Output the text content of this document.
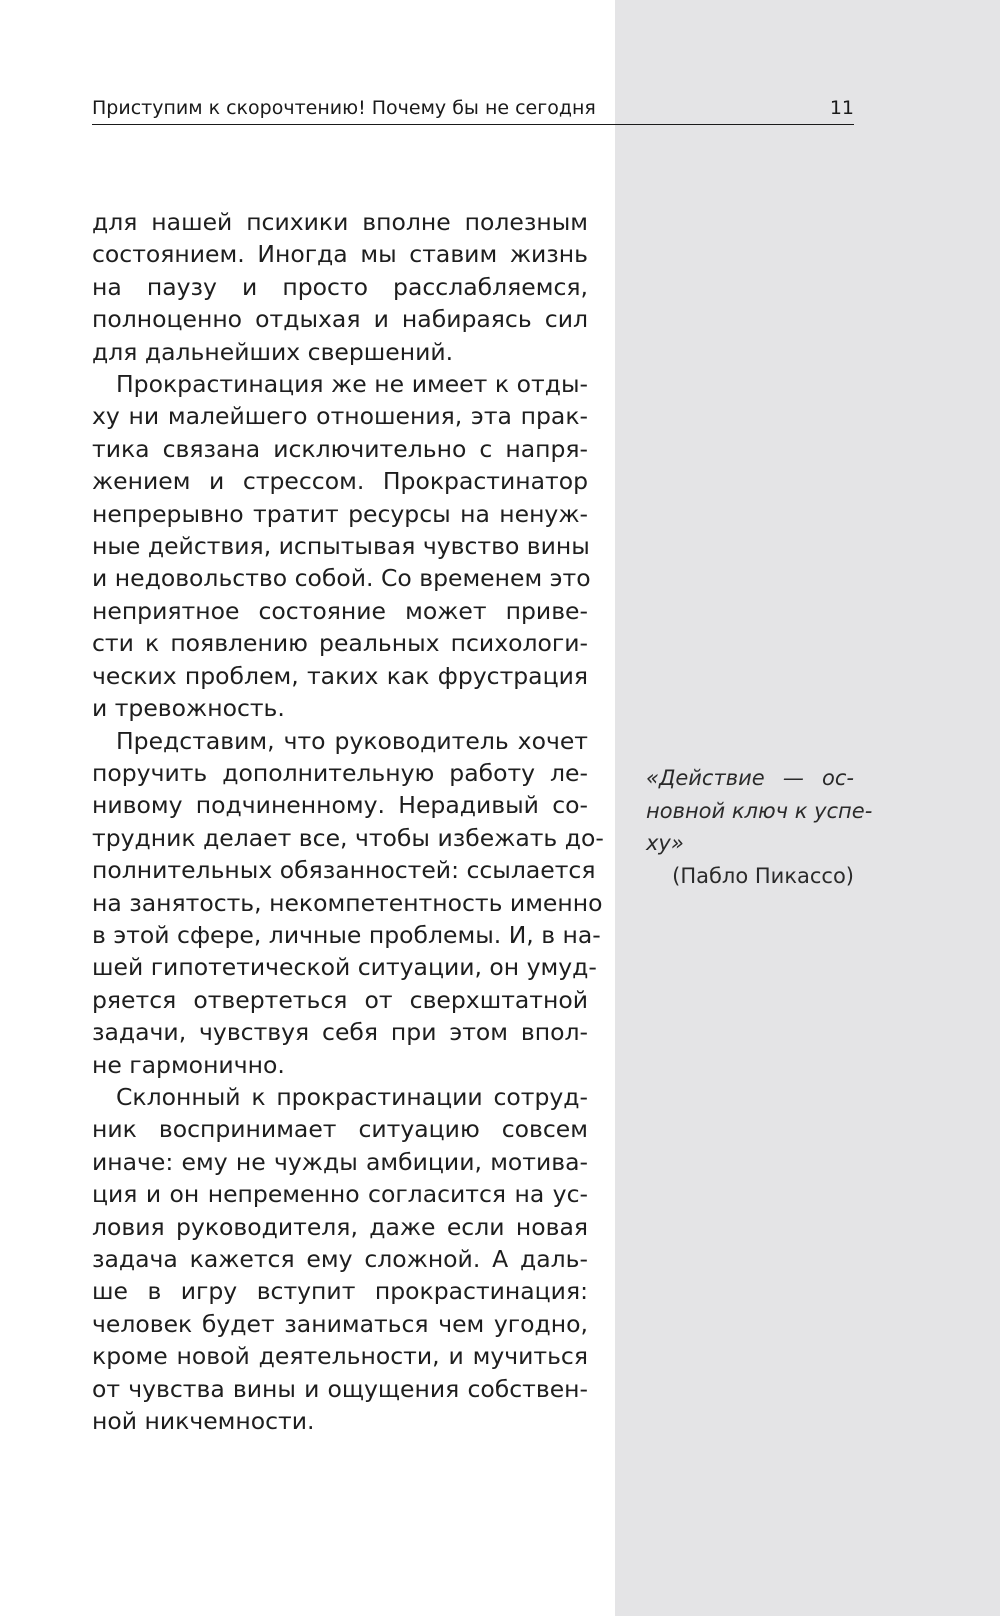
Приступим к скорочтению! Почему бы не сегодня	11

для нашей психики вполне полезным
состоянием. Иногда мы ставим жизнь
на паузу и просто расслабляемся,
полноценно отдыхая и набираясь сил
для дальнейших свершений.

Прокрастинация же не имеет к отды-
ху ни малейшего отношения, эта прак-
тика связана исключительно с напря-
жением и стрессом. Прокрастинатор
непрерывно тратит ресурсы на ненуж-
ные действия, испытывая чувство вины
и недовольство собой. Со временем это
неприятное состояние может приве-
сти к появлению реальных психологи-
ческих проблем, таких как фрустрация
и тревожность.

Представим, что руководитель хочет
поручить дополнительную работу ле-
нивому подчиненному. Нерадивый со-
трудник делает все, чтобы избежать до-
полнительных обязанностей: ссылается
на занятость, некомпетентность именно
в этой сфере, личные проблемы. И, в на-
шей гипотетической ситуации, он умуд-
ряется отвертеться от сверхштатной
задачи, чувствуя себя при этом впол-
не гармонично.

Склонный к прокрастинации сотруд-
ник воспринимает ситуацию совсем
иначе: ему не чужды амбиции, мотива-
ция и он непременно согласится на ус-
ловия руководителя, даже если новая
задача кажется ему сложной. А даль-
ше в игру вступит прокрастинация:
человек будет заниматься чем угодно,
кроме новой деятельности, и мучиться
от чувства вины и ощущения собствен-
ной никчемности.

«Действие — ос-
новной ключ к успе-
ху»
(Пабло Пикассо)
